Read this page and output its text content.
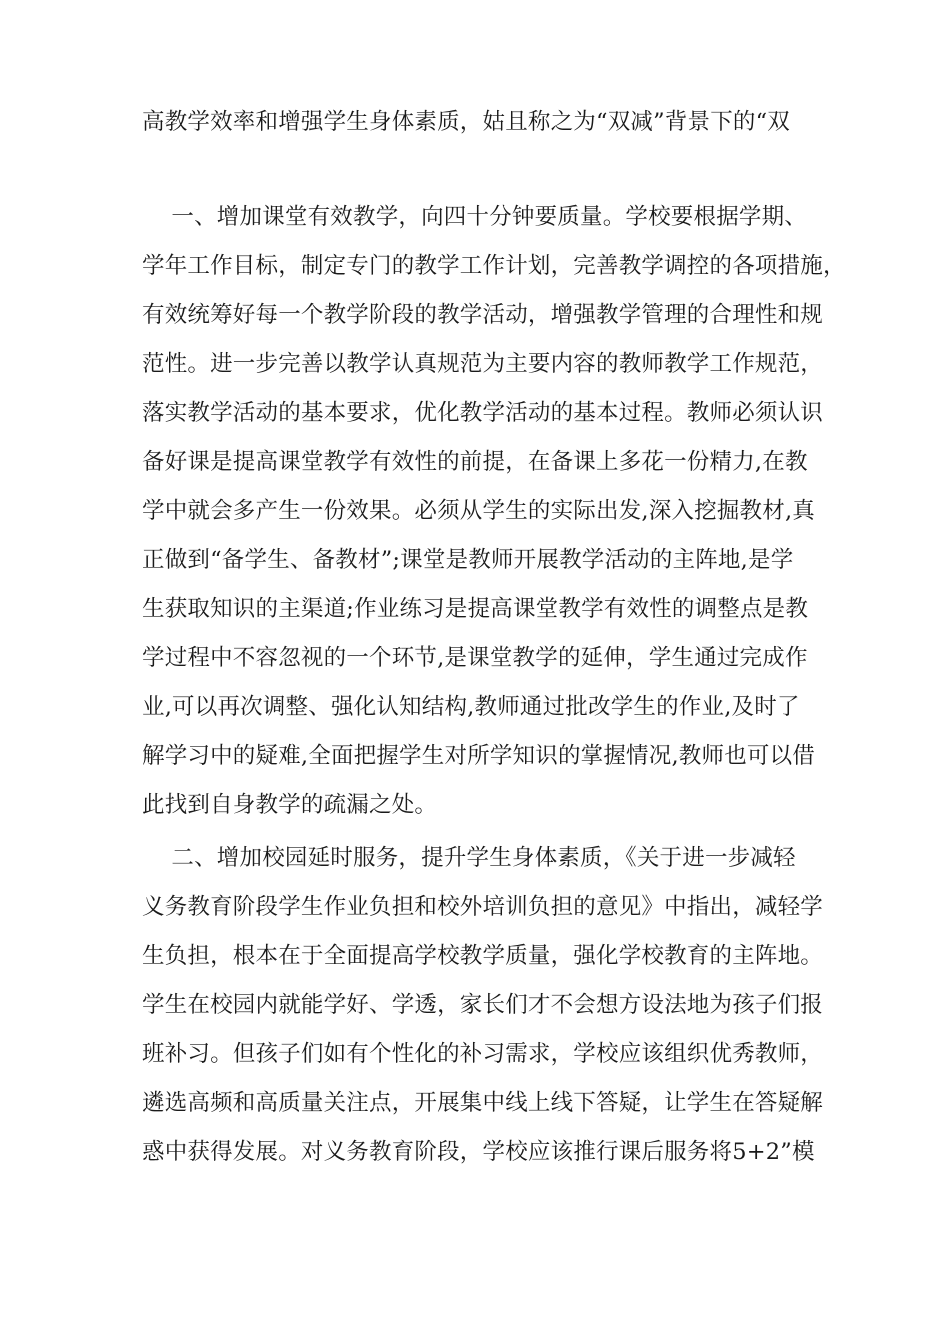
高教学效率和增强学生身体素质，姑且称之为“双减”背景下的“双
一、增加课堂有效教学，向四十分钟要质量。学校要根据学期、
学年工作目标，制定专门的教学工作计划，完善教学调控的各项措施，
有效统筹好每一个教学阶段的教学活动，增强教学管理的合理性和规
范性。进一步完善以教学认真规范为主要内容的教师教学工作规范，
落实教学活动的基本要求，优化教学活动的基本过程。教师必须认识
备好课是提高课堂教学有效性的前提，在备课上多花一份精力,在教
学中就会多产生一份效果。必须从学生的实际出发,深入挖掘教材,真
正做到“备学生、备教材”;课堂是教师开展教学活动的主阵地,是学
生获取知识的主渠道;作业练习是提高课堂教学有效性的调整点是教
学过程中不容忽视的一个环节,是课堂教学的延伸，学生通过完成作
业,可以再次调整、强化认知结构,教师通过批改学生的作业,及时了
解学习中的疑难,全面把握学生对所学知识的掌握情况,教师也可以借
此找到自身教学的疏漏之处。
二、增加校园延时服务，提升学生身体素质，《关于进一步减轻
义务教育阶段学生作业负担和校外培训负担的意见》中指出，减轻学
生负担，根本在于全面提高学校教学质量，强化学校教育的主阵地。
学生在校园内就能学好、学透，家长们才不会想方设法地为孩子们报
班补习。但孩子们如有个性化的补习需求，学校应该组织优秀教师，
遴选高频和高质量关注点，开展集中线上线下答疑，让学生在答疑解
惑中获得发展。对义务教育阶段，学校应该推行课后服务将5+2”模
